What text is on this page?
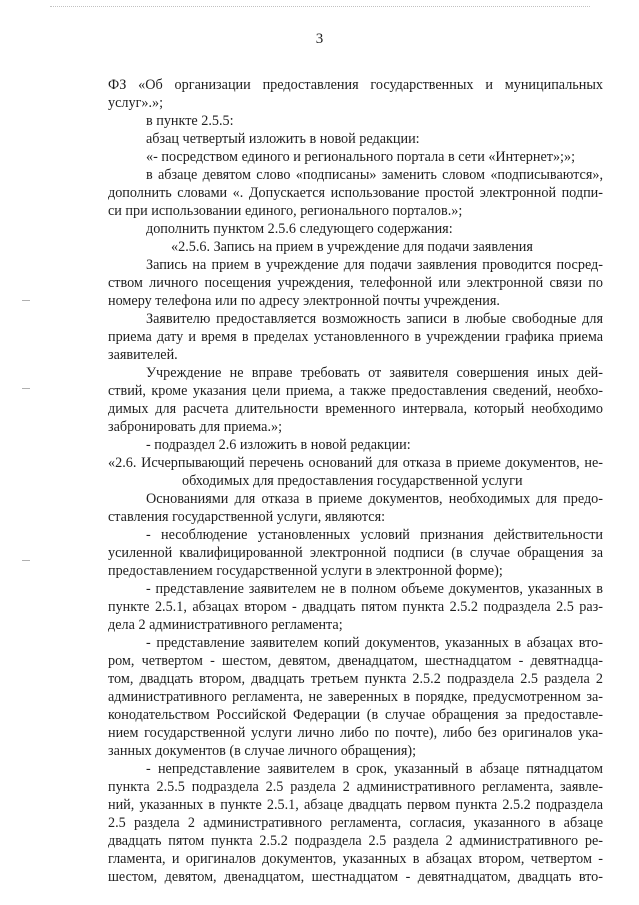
3
ФЗ «Об организации предоставления государственных и муниципальных
услуг».»;
в пункте 2.5.5:
абзац четвертый изложить в новой редакции:
«- посредством единого и регионального портала в сети «Интернет»;»;
в абзаце девятом слово «подписаны» заменить словом «подписываются»,
дополнить словами «. Допускается использование простой электронной подпи-
си при использовании единого, регионального порталов.»;
дополнить пунктом 2.5.6 следующего содержания:
«2.5.6. Запись на прием в учреждение для подачи заявления
Запись на прием в учреждение для подачи заявления проводится посред-
ством личного посещения учреждения, телефонной или электронной связи по
номеру телефона или по адресу электронной почты учреждения.
Заявителю предоставляется возможность записи в любые свободные для
приема дату и время в пределах установленного в учреждении графика приема
заявителей.
Учреждение не вправе требовать от заявителя совершения иных дей-
ствий, кроме указания цели приема, а также предоставления сведений, необхо-
димых для расчета длительности временного интервала, который необходимо
забронировать для приема.»;
- подраздел 2.6 изложить в новой редакции:
«2.6. Исчерпывающий перечень оснований для отказа в приеме документов, не-
обходимых для предоставления государственной услуги
Основаниями для отказа в приеме документов, необходимых для предо-
ставления государственной услуги, являются:
- несоблюдение установленных условий признания действительности
усиленной квалифицированной электронной подписи (в случае обращения за
предоставлением государственной услуги в электронной форме);
- представление заявителем не в полном объеме документов, указанных в
пункте 2.5.1, абзацах втором - двадцать пятом пункта 2.5.2 подраздела 2.5 раз-
дела 2 административного регламента;
- представление заявителем копий документов, указанных в абзацах вто-
ром, четвертом - шестом, девятом, двенадцатом, шестнадцатом - девятнадца-
том, двадцать втором, двадцать третьем пункта 2.5.2 подраздела 2.5 раздела 2
административного регламента, не заверенных в порядке, предусмотренном за-
конодательством Российской Федерации (в случае обращения за предоставле-
нием государственной услуги лично либо по почте), либо без оригиналов ука-
занных документов (в случае личного обращения);
- непредставление заявителем в срок, указанный в абзаце пятнадцатом
пункта 2.5.5 подраздела 2.5 раздела 2 административного регламента, заявле-
ний, указанных в пункте 2.5.1, абзаце двадцать первом пункта 2.5.2 подраздела
2.5 раздела 2 административного регламента, согласия, указанного в абзаце
двадцать пятом пункта 2.5.2 подраздела 2.5 раздела 2 административного ре-
гламента, и оригиналов документов, указанных в абзацах втором, четвертом -
шестом, девятом, двенадцатом, шестнадцатом - девятнадцатом, двадцать вто-
